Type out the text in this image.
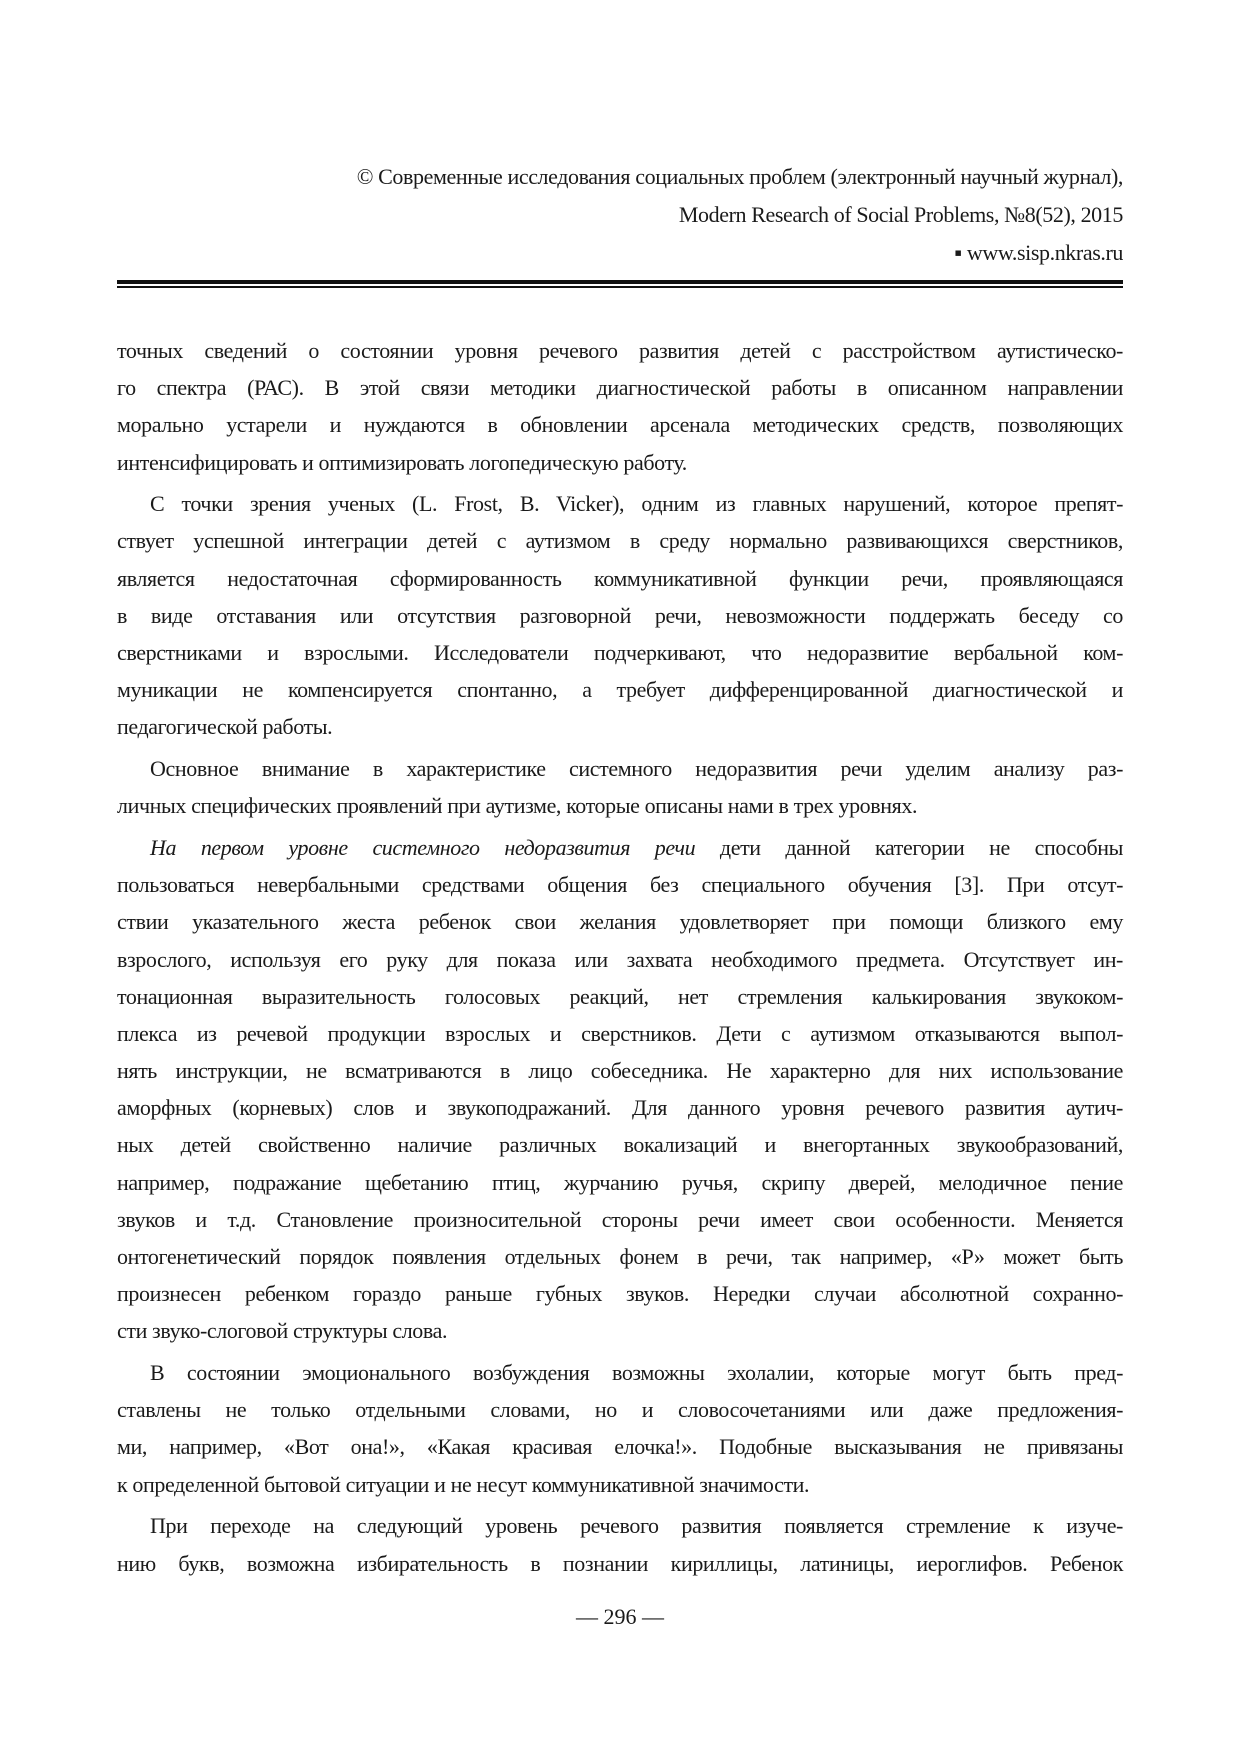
© Современные исследования социальных проблем (электронный научный журнал),
Modern Research of Social Problems, №8(52), 2015
▪ www.sisp.nkras.ru
точных сведений о состоянии уровня речевого развития детей с расстройством аутистическо-
го спектра (РАС). В этой связи методики диагностической работы в описанном направлении
морально устарели и нуждаются в обновлении арсенала методических средств, позволяющих
интенсифицировать и оптимизировать логопедическую работу.
С точки зрения ученых (L. Frost, B. Vicker), одним из главных нарушений, которое препят-
ствует успешной интеграции детей с аутизмом в среду нормально развивающихся сверстников,
является недостаточная сформированность коммуникативной функции речи, проявляющаяся
в виде отставания или отсутствия разговорной речи, невозможности поддержать беседу со
сверстниками и взрослыми. Исследователи подчеркивают, что недоразвитие вербальной ком-
муникации не компенсируется спонтанно, а требует дифференцированной диагностической и
педагогической работы.
Основное внимание в характеристике системного недоразвития речи уделим анализу раз-
личных специфических проявлений при аутизме, которые описаны нами в трех уровнях.
На первом уровне системного недоразвития речи дети данной категории не способны
пользоваться невербальными средствами общения без специального обучения [3]. При отсут-
ствии указательного жеста ребенок свои желания удовлетворяет при помощи близкого ему
взрослого, используя его руку для показа или захвата необходимого предмета. Отсутствует ин-
тонационная выразительность голосовых реакций, нет стремления калькирования звукоком-
плекса из речевой продукции взрослых и сверстников. Дети с аутизмом отказываются выпол-
нять инструкции, не всматриваются в лицо собеседника. Не характерно для них использование
аморфных (корневых) слов и звукоподражаний. Для данного уровня речевого развития аутич-
ных детей свойственно наличие различных вокализаций и внегортанных звукообразований,
например, подражание щебетанию птиц, журчанию ручья, скрипу дверей, мелодичное пение
звуков и т.д. Становление произносительной стороны речи имеет свои особенности. Меняется
онтогенетический порядок появления отдельных фонем в речи, так например, «Р» может быть
произнесен ребенком гораздо раньше губных звуков. Нередки случаи абсолютной сохранно-
сти звуко-слоговой структуры слова.
В состоянии эмоционального возбуждения возможны эхолалии, которые могут быть пред-
ставлены не только отдельными словами, но и словосочетаниями или даже предложения-
ми, например, «Вот она!», «Какая красивая елочка!». Подобные высказывания не привязаны
к определенной бытовой ситуации и не несут коммуникативной значимости.
При переходе на следующий уровень речевого развития появляется стремление к изуче-
нию букв, возможна избирательность в познании кириллицы, латиницы, иероглифов. Ребенок
— 296 —
